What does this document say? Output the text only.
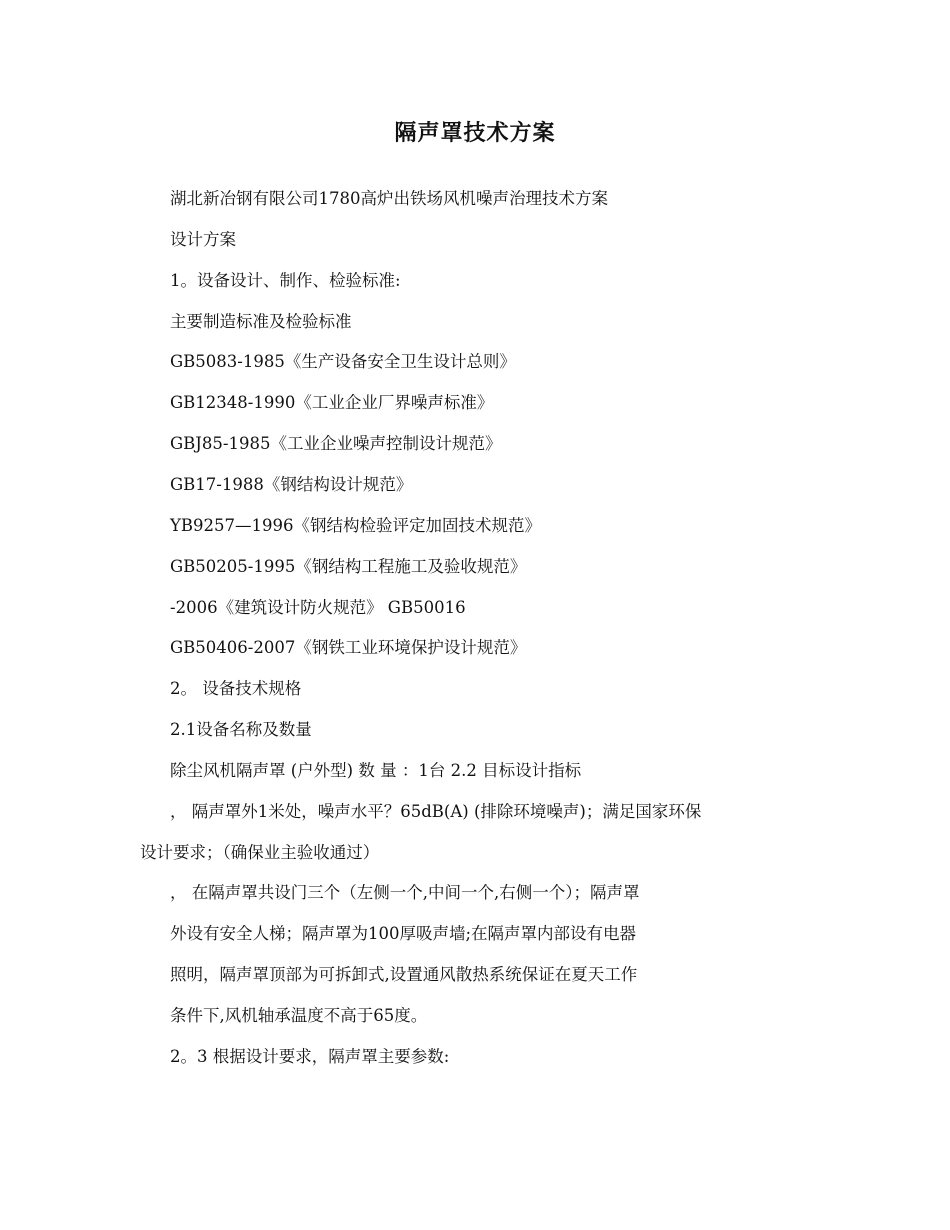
隔声罩技术方案
湖北新冶钢有限公司1780高炉出铁场风机噪声治理技术方案
设计方案
1。设备设计、制作、检验标准:
主要制造标准及检验标准
GB5083-1985《生产设备安全卫生设计总则》
GB12348-1990《工业企业厂界噪声标准》
GBJ85-1985《工业企业噪声控制设计规范》
GB17-1988《钢结构设计规范》
YB9257—1996《钢结构检验评定加固技术规范》
GB50205-1995《钢结构工程施工及验收规范》
-2006《建筑设计防火规范》 GB50016
GB50406-2007《钢铁工业环境保护设计规范》
2。 设备技术规格
2.1设备名称及数量
除尘风机隔声罩 (户外型) 数 量 ：1台 2.2 目标设计指标
， 隔声罩外1米处，噪声水平？65dB(A) (排除环境噪声)；满足国家环保
设计要求；（确保业主验收通过）
， 在隔声罩共设门三个（左侧一个,中间一个,右侧一个）；隔声罩
外设有安全人梯；隔声罩为100厚吸声墙;在隔声罩内部设有电器
照明，隔声罩顶部为可拆卸式,设置通风散热系统保证在夏天工作
条件下,风机轴承温度不高于65度。
2。3 根据设计要求，隔声罩主要参数:
